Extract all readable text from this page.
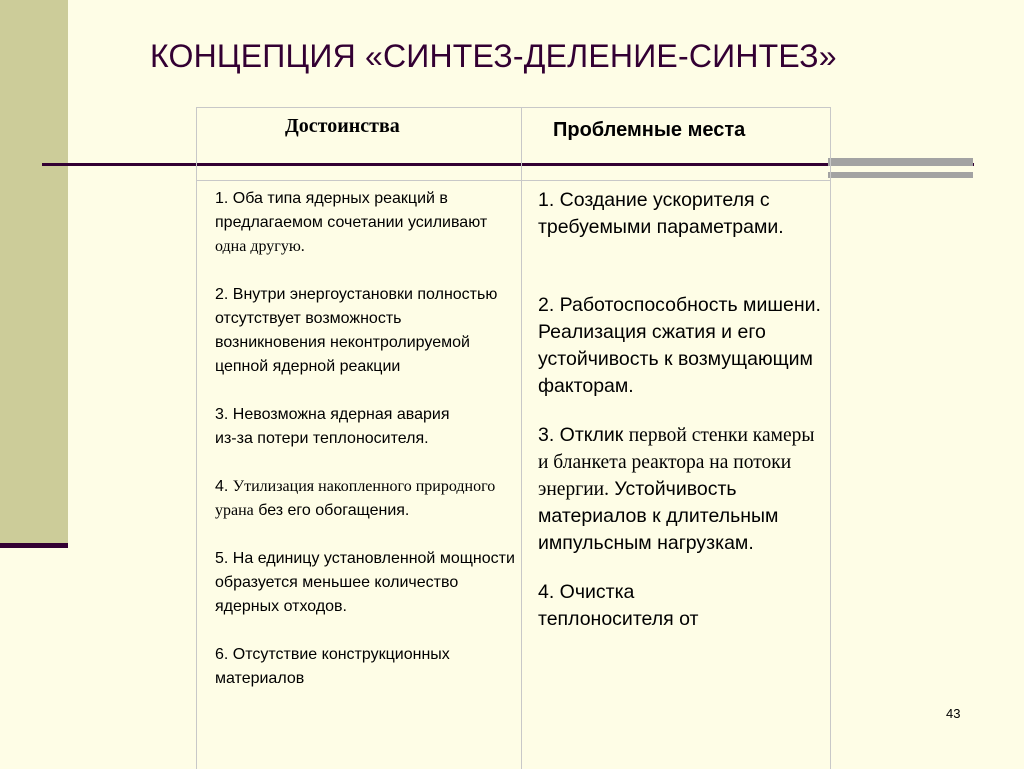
КОНЦЕПЦИЯ «СИНТЕЗ-ДЕЛЕНИЕ-СИНТЕЗ»
Достоинства	Проблемные места

1. Оба типа ядерных реакций в предлагаемом сочетании усиливают одна другую.

2. Внутри энергоустановки полностью отсутствует возможность возникновения неконтролируемой цепной ядерной реакции

3. Невозможна ядерная авария
из-за потери теплоносителя.

4. Утилизация накопленного природного урана без его обогащения.

5. На единицу установленной мощности образуется меньшее количество ядерных отходов.

6. Отсутствие конструкционных материалов

1. Создание ускорителя с требуемыми параметрами.

2. Работоспособность мишени. Реализация сжатия и его устойчивость к возмущающим факторам.

3. Отклик первой стенки камеры и бланкета реактора на потоки энергии. Устойчивость материалов к длительным импульсным нагрузкам.

4. Очистка
теплоносителя от

43
